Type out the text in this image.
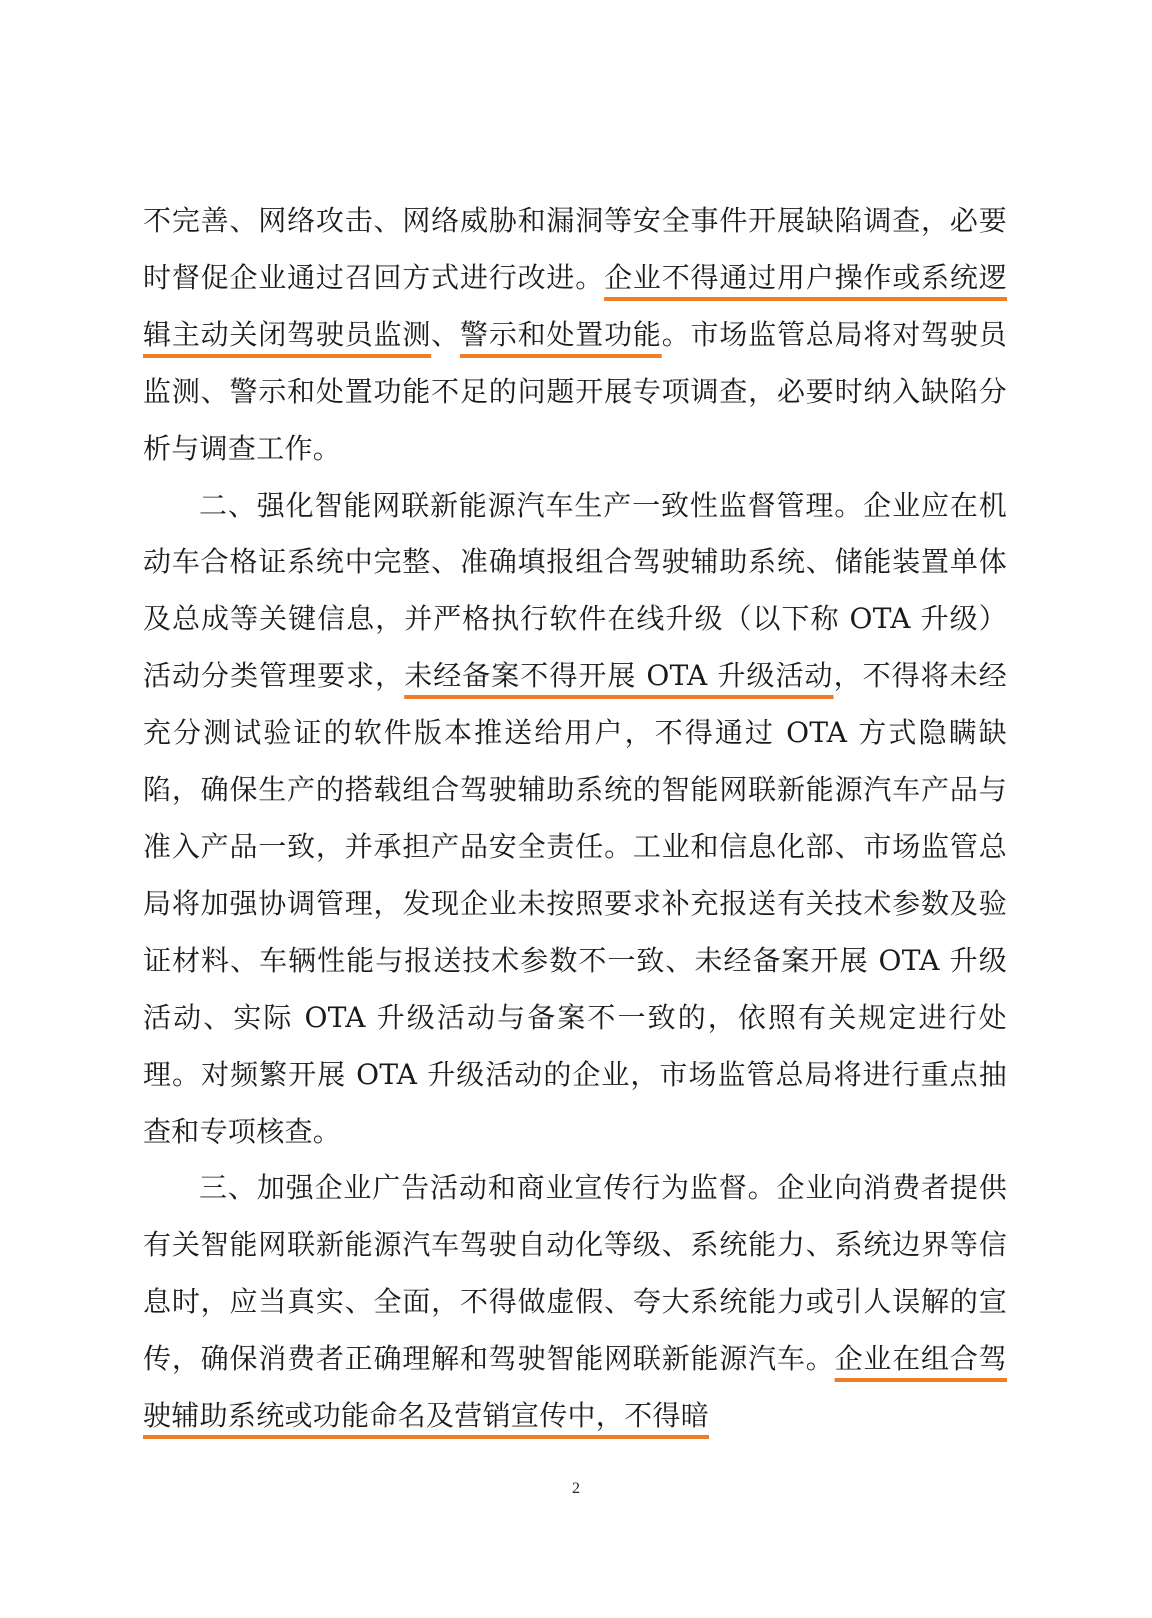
不完善、网络攻击、网络威胁和漏洞等安全事件开展缺陷调查，必要时督促企业通过召回方式进行改进。企业不得通过用户操作或系统逻辑主动关闭驾驶员监测、警示和处置功能。市场监管总局将对驾驶员监测、警示和处置功能不足的问题开展专项调查，必要时纳入缺陷分析与调查工作。

二、强化智能网联新能源汽车生产一致性监督管理。企业应在机动车合格证系统中完整、准确填报组合驾驶辅助系统、储能装置单体及总成等关键信息，并严格执行软件在线升级（以下称 OTA 升级）活动分类管理要求，未经备案不得开展 OTA 升级活动，不得将未经充分测试验证的软件版本推送给用户，不得通过 OTA 方式隐瞒缺陷，确保生产的搭载组合驾驶辅助系统的智能网联新能源汽车产品与准入产品一致，并承担产品安全责任。工业和信息化部、市场监管总局将加强协调管理，发现企业未按照要求补充报送有关技术参数及验证材料、车辆性能与报送技术参数不一致、未经备案开展 OTA 升级活动、实际 OTA 升级活动与备案不一致的，依照有关规定进行处理。对频繁开展 OTA 升级活动的企业，市场监管总局将进行重点抽查和专项核查。

三、加强企业广告活动和商业宣传行为监督。企业向消费者提供有关智能网联新能源汽车驾驶自动化等级、系统能力、系统边界等信息时，应当真实、全面，不得做虚假、夸大系统能力或引人误解的宣传，确保消费者正确理解和驾驶智能网联新能源汽车。企业在组合驾驶辅助系统或功能命名及营销宣传中，不得暗

2
